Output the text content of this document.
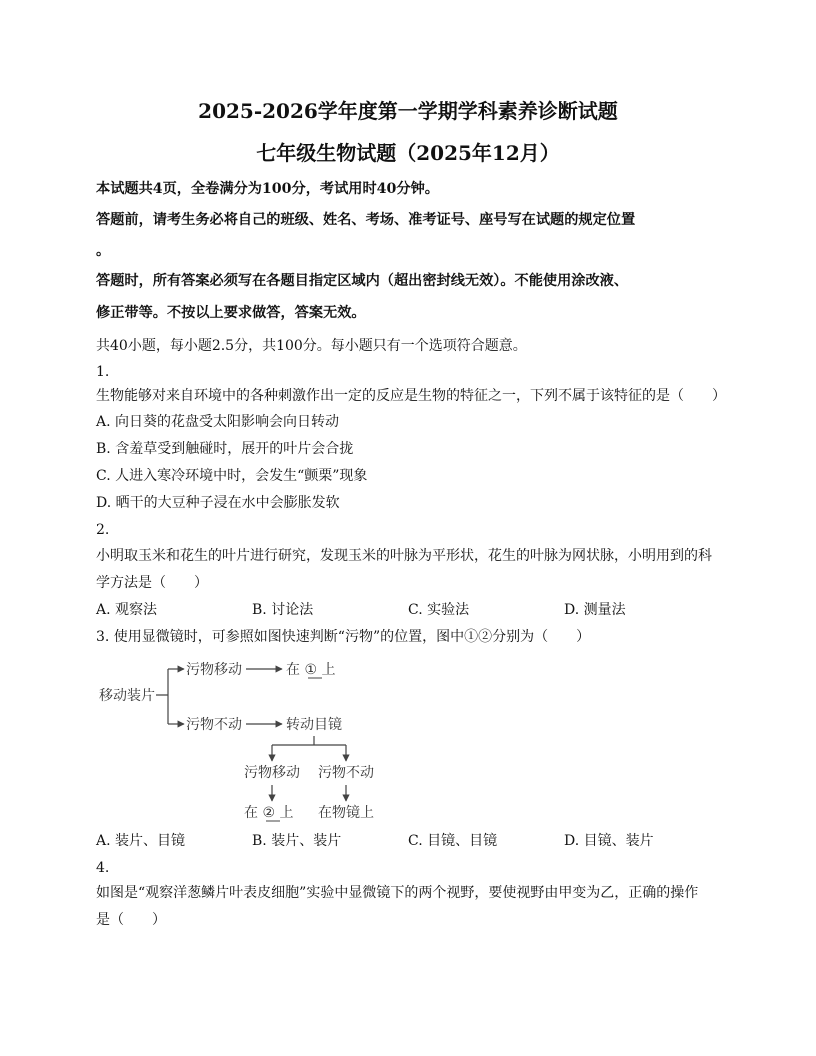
2025-2026学年度第一学期学科素养诊断试题
七年级生物试题（2025年12月）
本试题共4页，全卷满分为100分，考试用时40分钟。
答题前，请考生务必将自己的班级、姓名、考场、准考证号、座号写在试题的规定位置
。
答题时，所有答案必须写在各题目指定区域内（超出密封线无效）。不能使用涂改液、
修正带等。不按以上要求做答，答案无效。
共40小题，每小题2.5分，共100分。每小题只有一个选项符合题意。
1.
生物能够对来自环境中的各种刺激作出一定的反应是生物的特征之一，下列不属于该特征的是（　　）
A. 向日葵的花盘受太阳影响会向日转动
B. 含羞草受到触碰时，展开的叶片会合拢
C. 人进入寒冷环境中时，会发生“颤栗”现象
D. 晒干的大豆种子浸在水中会膨胀发软
2.
小明取玉米和花生的叶片进行研究，发现玉米的叶脉为平形状，花生的叶脉为网状脉，小明用到的科
学方法是（　　）
A. 观察法	B. 讨论法	C. 实验法	D. 测量法
3. 使用显微镜时，可参照如图快速判断“污物”的位置，图中①②分别为（　　）
移动装片
污物移动	在 ① 上
污物不动	转动目镜
污物移动 污物不动
在 ② 上 在物镜上
A. 装片、目镜	B. 装片、装片	C. 目镜、目镜	D. 目镜、装片
4.
如图是“观察洋葱鳞片叶表皮细胞”实验中显微镜下的两个视野，要使视野由甲变为乙，正确的操作
是（　　）
